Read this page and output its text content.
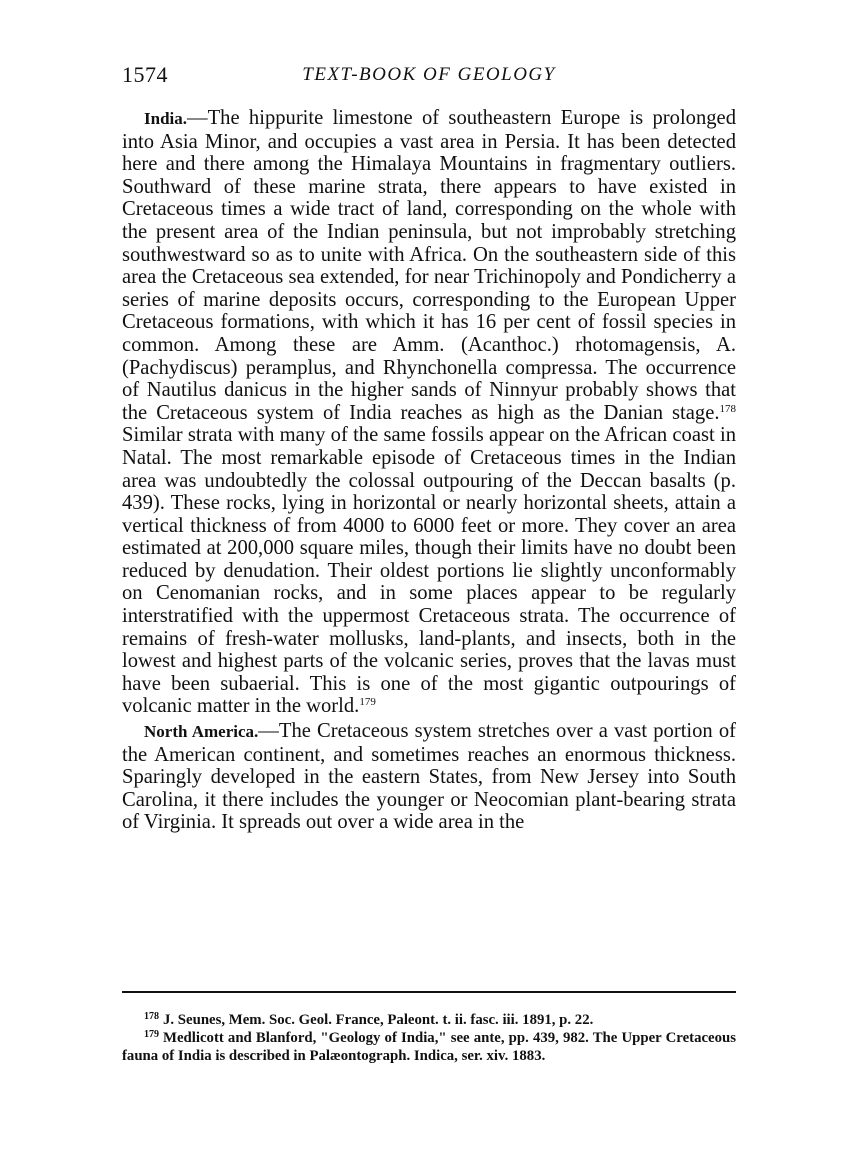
1574	TEXT-BOOK OF GEOLOGY

India.—The hippurite limestone of southeastern Europe is prolonged into Asia Minor, and occupies a vast area in Persia. It has been detected here and there among the Himalaya Mountains in fragmentary outliers. Southward of these marine strata, there appears to have existed in Cretaceous times a wide tract of land, corresponding on the whole with the present area of the Indian peninsula, but not improbably stretching southwestward so as to unite with Africa. On the southeastern side of this area the Cretaceous sea extended, for near Trichinopoly and Pondicherry a series of marine deposits occurs, corresponding to the European Upper Cretaceous formations, with which it has 16 per cent of fossil species in common. Among these are Amm. (Acanthoc.) rhotomagensis, A. (Pachydiscus) peramplus, and Rhynchonella compressa. The occurrence of Nautilus danicus in the higher sands of Ninnyur probably shows that the Cretaceous system of India reaches as high as the Danian stage.$^{178}$ Similar strata with many of the same fossils appear on the African coast in Natal. The most remarkable episode of Cretaceous times in the Indian area was undoubtedly the colossal outpouring of the Deccan basalts (p. 439). These rocks, lying in horizontal or nearly horizontal sheets, attain a vertical thickness of from 4000 to 6000 feet or more. They cover an area estimated at 200,000 square miles, though their limits have no doubt been reduced by denudation. Their oldest portions lie slightly unconformably on Cenomanian rocks, and in some places appear to be regularly interstratified with the uppermost Cretaceous strata. The occurrence of remains of fresh-water mollusks, land-plants, and insects, both in the lowest and highest parts of the volcanic series, proves that the lavas must have been subaerial. This is one of the most gigantic outpourings of volcanic matter in the world.$^{179}$

North America.—The Cretaceous system stretches over a vast portion of the American continent, and sometimes reaches an enormous thickness. Sparingly developed in the eastern States, from New Jersey into South Carolina, it there includes the younger or Neocomian plant-bearing strata of Virginia. It spreads out over a wide area in the

$^{178}$ J. Seunes, Mem. Soc. Geol. France, Paleont. t. ii. fasc. iii. 1891, p. 22.

$^{179}$ Medlicott and Blanford, "Geology of India," see ante, pp. 439, 982. The Upper Cretaceous fauna of India is described in Palæontograph. Indica, ser. xiv. 1883.
